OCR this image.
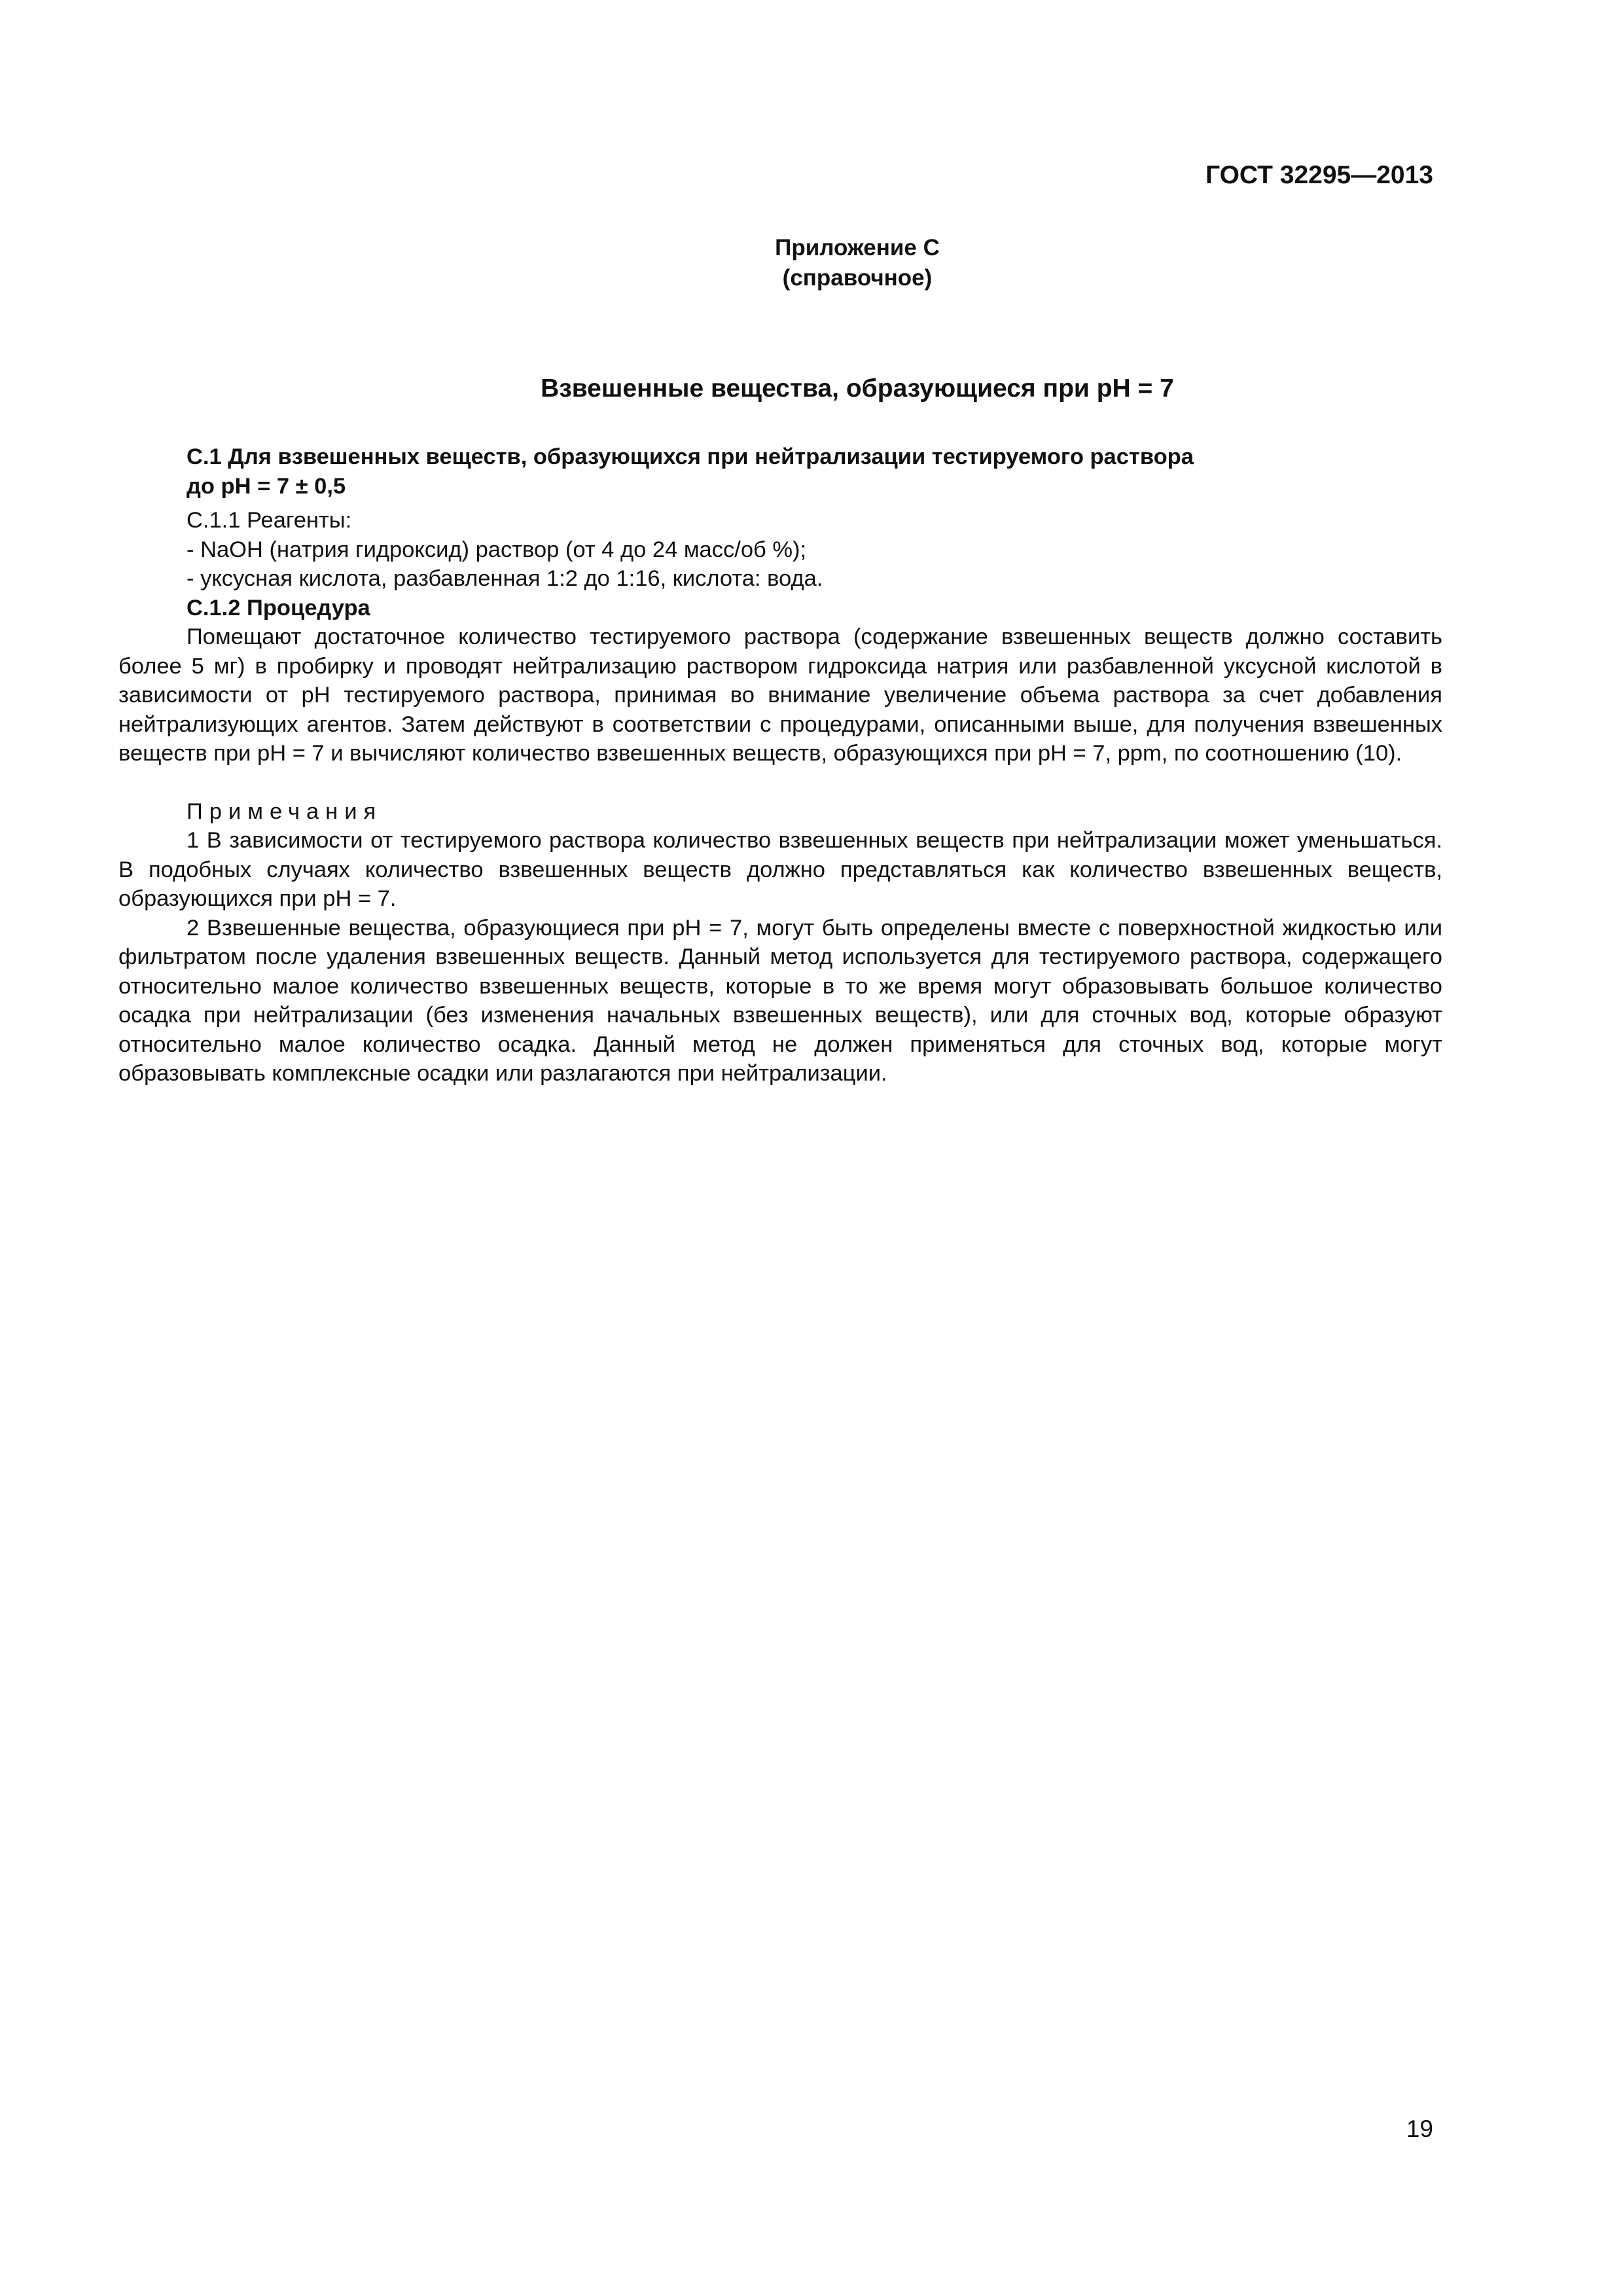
ГОСТ 32295—2013
Приложение С
(справочное)
Взвешенные вещества, образующиеся при рН = 7

С.1 Для взвешенных веществ, образующихся при нейтрализации тестируемого раствора

до рН = 7 ± 0,5

С.1.1 Реагенты:

- NaOH (натрия гидроксид) раствор (от 4 до 24 масс/об %);

- уксусная кислота, разбавленная 1:2 до 1:16, кислота: вода.

С.1.2 Процедура

Помещают достаточное количество тестируемого раствора (содержание взвешенных веществ должно составить более 5 мг) в пробирку и проводят нейтрализацию раствором гидроксида натрия или разбавленной уксусной кислотой в зависимости от рН тестируемого раствора, принимая во внимание увеличение объема раствора за счет добавления нейтрализующих агентов. Затем действуют в соответствии с процедурами, описанными выше, для получения взвешенных веществ при рН = 7 и вычисляют количество взвешенных веществ, образующихся при рН = 7, ppm, по соотношению (10).

Примечания

1 В зависимости от тестируемого раствора количество взвешенных веществ при нейтрализации может уменьшаться. В подобных случаях количество взвешенных веществ должно представляться как количество взвешенных веществ, образующихся при рН = 7.

2 Взвешенные вещества, образующиеся при рН = 7, могут быть определены вместе с поверхностной жидкостью или фильтратом после удаления взвешенных веществ. Данный метод используется для тестируемого раствора, содержащего относительно малое количество взвешенных веществ, которые в то же время могут образовывать большое количество осадка при нейтрализации (без изменения начальных взвешенных веществ), или для сточных вод, которые образуют относительно малое количество осадка. Данный метод не должен применяться для сточных вод, которые могут образовывать комплексные осадки или разлагаются при нейтрализации.

19
